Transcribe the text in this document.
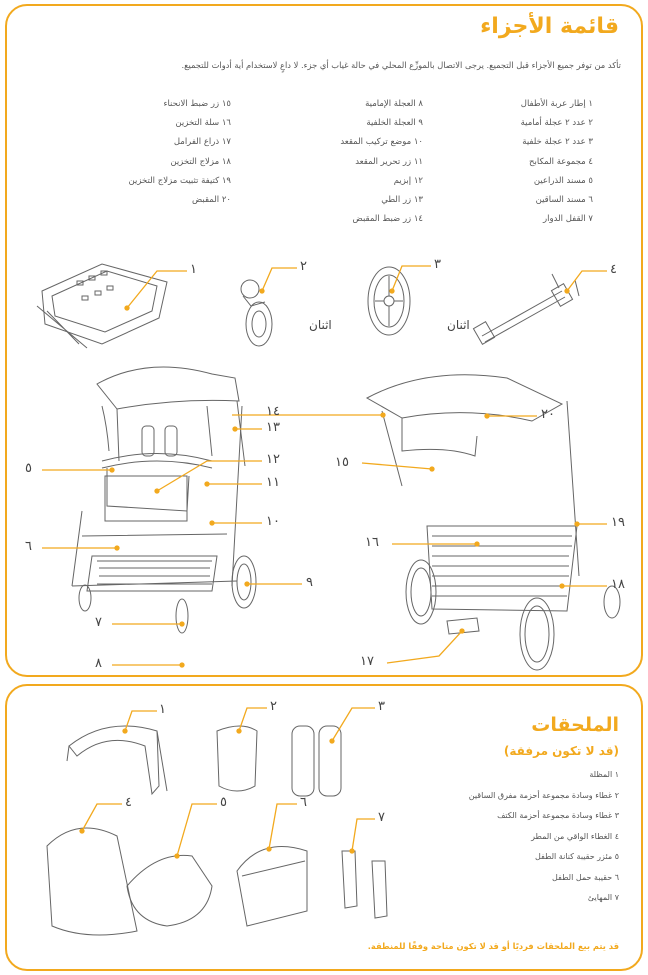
قائمة الأجزاء
تأكد من توفر جميع الأجزاء قبل التجميع. يرجى الاتصال بالموزِّع المحلي في حالة غياب أي جزء. لا داعٍ لاستخدام أية أدوات للتجميع.
١ إطار عربة الأطفال
٢ عدد ٢ عجلة أمامية
٣ عدد ٢ عجلة خلفية
٤ مجموعة المكابح
٥ مسند الذراعين
٦ مسند الساقين
٧ القفل الدوار
٨ العجلة الإمامية
٩ العجلة الخلفية
١٠ موضع تركيب المقعد
١١ زر تحرير المقعد
١٢ إبزيم
١٣ زر الطي
١٤ زر ضبط المقبض
١٥ زر ضبط الانحناء
١٦ سلة التخزين
١٧ ذراع الفرامل
١٨ مزلاج التخزين
١٩ كتيفة تثبيت مزلاج التخزين
٢٠ المقبض
١	٢	٣	٤
اثنان	اثنان
٥
٦
٧
٨
٩
١٠
١١
١٢
١٣
١٤
١٥
١٦
١٧
١٨
١٩
٢٠
١	٢	٣
٤	٥	٦
٧
الملحقات
(قد لا تكون مرفقة)
١ المظلة
٢ غطاء وسادة مجموعة أحزمة مفرق الساقين
٣ غطاء وسادة مجموعة أحزمة الكتف
٤ الغطاء الواقي من المطر
٥ مئزر حقيبة كنانة الطفل
٦ حقيبة حمل الطفل
٧ المهايئ
قد يتم بيع الملحقات فرديًا أو قد لا تكون متاحة وفقًا للمنطقة.
